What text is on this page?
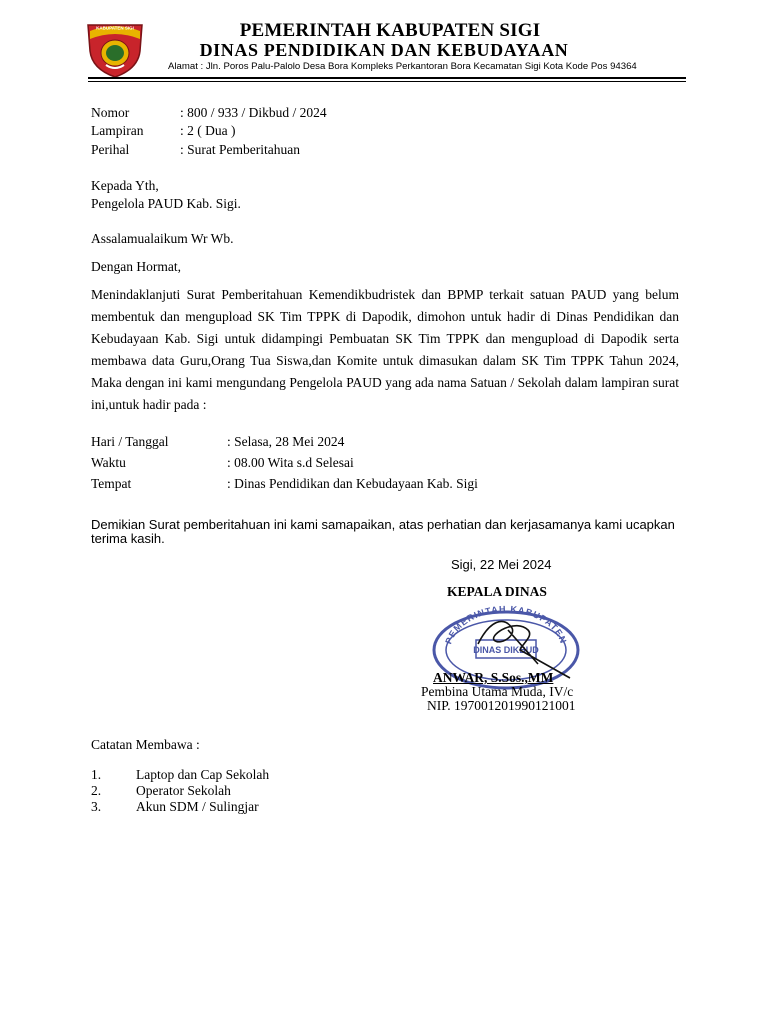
KABUPATEN SIGI	PEMERINTAH KABUPATEN SIGI
DINAS PENDIDIKAN DAN KEBUDAYAAN
Alamat : Jln. Poros Palu-Palolo Desa Bora Kompleks Perkantoran Bora Kecamatan Sigi Kota Kode Pos 94364
Nomor	: 800 / 933 / Dikbud / 2024
Lampiran	: 2 ( Dua )
Perihal	: Surat Pemberitahuan
Kepada Yth,
Pengelola PAUD Kab. Sigi.
Assalamualaikum Wr Wb.
Dengan Hormat,
Menindaklanjuti Surat Pemberitahuan Kemendikbudristek dan BPMP terkait satuan PAUD yang belum membentuk dan mengupload SK Tim TPPK di Dapodik, dimohon untuk hadir di Dinas Pendidikan dan Kebudayaan Kab. Sigi untuk didampingi Pembuatan SK Tim TPPK dan mengupload di Dapodik serta membawa data Guru,Orang Tua Siswa,dan Komite untuk dimasukan dalam SK Tim TPPK Tahun 2024, Maka dengan ini kami mengundang Pengelola PAUD yang ada nama Satuan / Sekolah dalam lampiran surat ini,untuk hadir pada :
Hari / Tanggal	: Selasa, 28 Mei 2024
Waktu	: 08.00 Wita s.d Selesai
Tempat	: Dinas Pendidikan dan Kebudayaan Kab. Sigi
Demikian Surat pemberitahuan ini kami samapaikan, atas perhatian dan kerjasamanya kami ucapkan
terima kasih.
Sigi, 22 Mei 2024
KEPALA DINAS
PEMERINTAH KABUPATEN
DINAS DIKBUD
ANWAR, S.Sos.,MM
Pembina Utama Muda, IV/c
NIP. 197001201990121001
Catatan Membawa :
1.	Laptop dan Cap Sekolah
2.	Operator Sekolah
3.	Akun SDM / Sulingjar
